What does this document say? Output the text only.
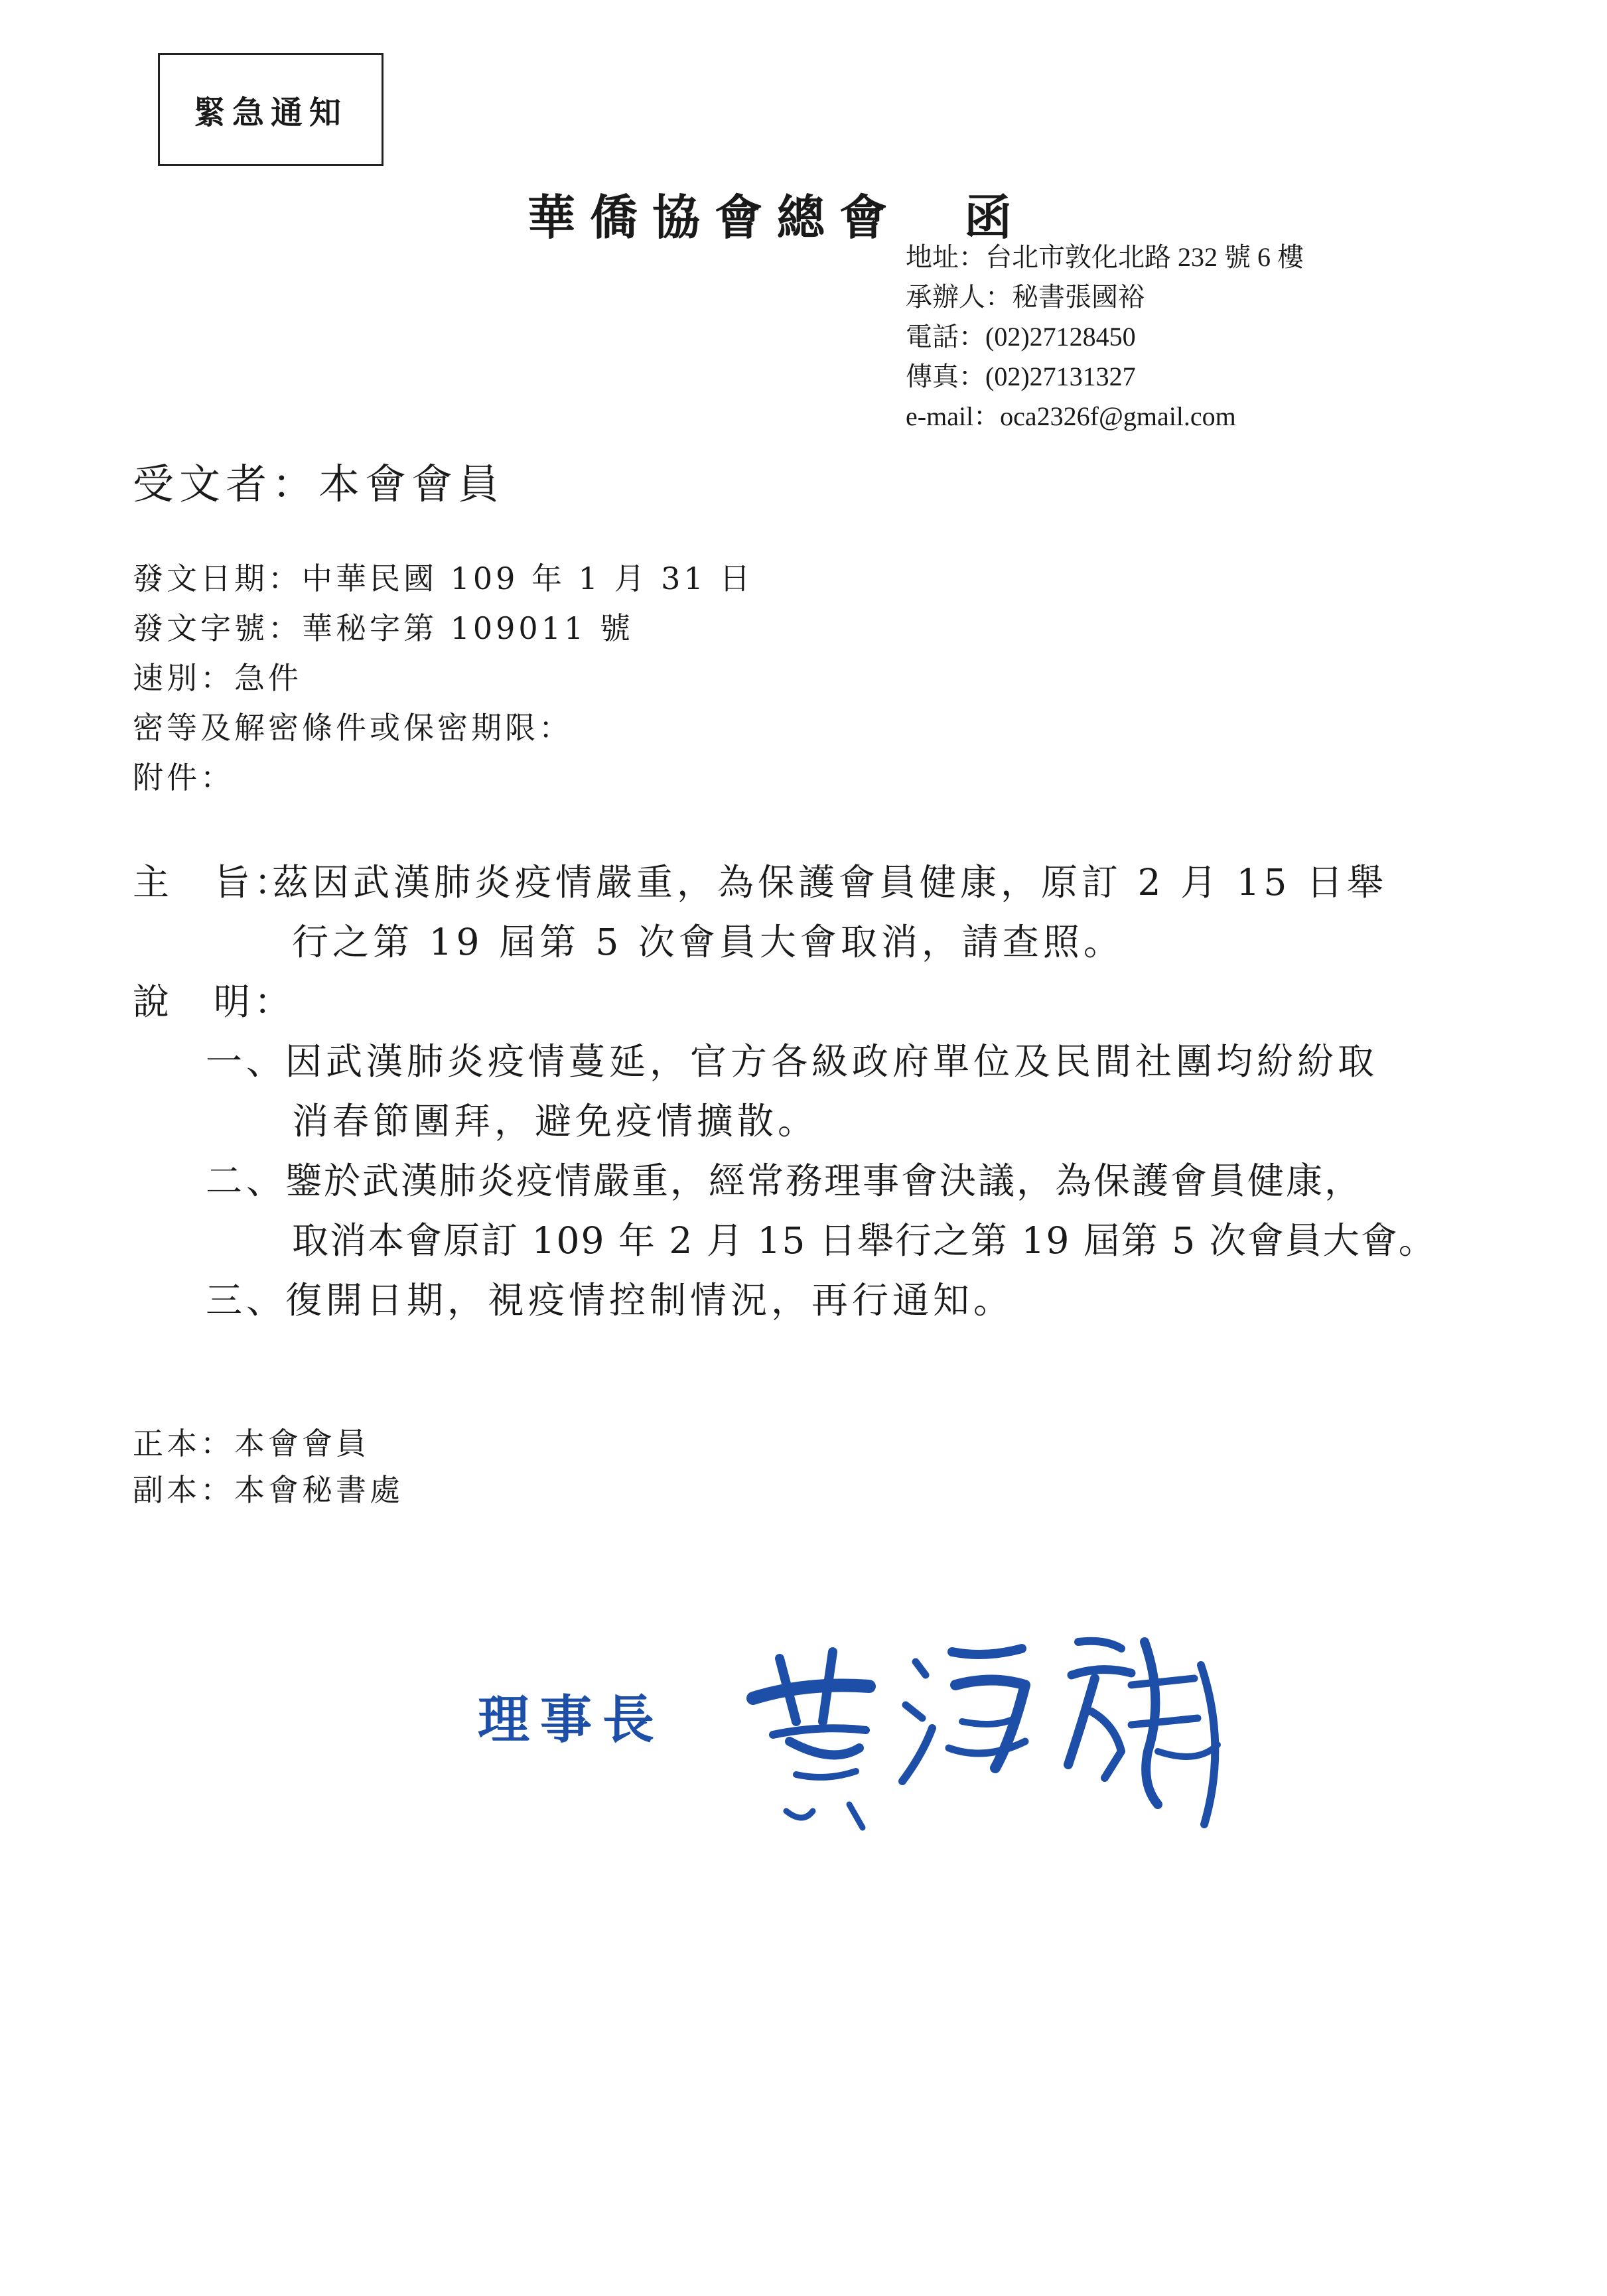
緊急通知
華僑協會總會　函
地址：台北市敦化北路 232 號 6 樓
承辦人：秘書張國裕
電話：(02)27128450
傳真：(02)27131327
e-mail：oca2326f@gmail.com
受文者：本會會員
發文日期：中華民國 109 年 1 月 31 日
發文字號：華秘字第 109011 號
速別：急件
密等及解密條件或保密期限：
附件：
主　旨：
茲因武漢肺炎疫情嚴重，為保護會員健康，原訂 2 月 15 日舉
行之第 19 屆第 5 次會員大會取消，請查照。
說　明：
一、
因武漢肺炎疫情蔓延，官方各級政府單位及民間社團均紛紛取
消春節團拜，避免疫情擴散。
二、
鑒於武漢肺炎疫情嚴重，經常務理事會決議，為保護會員健康，
取消本會原訂 109 年 2 月 15 日舉行之第 19 屆第 5 次會員大會。
三、
復開日期，視疫情控制情況，再行通知。
正本：本會會員
副本：本會秘書處
理事長
